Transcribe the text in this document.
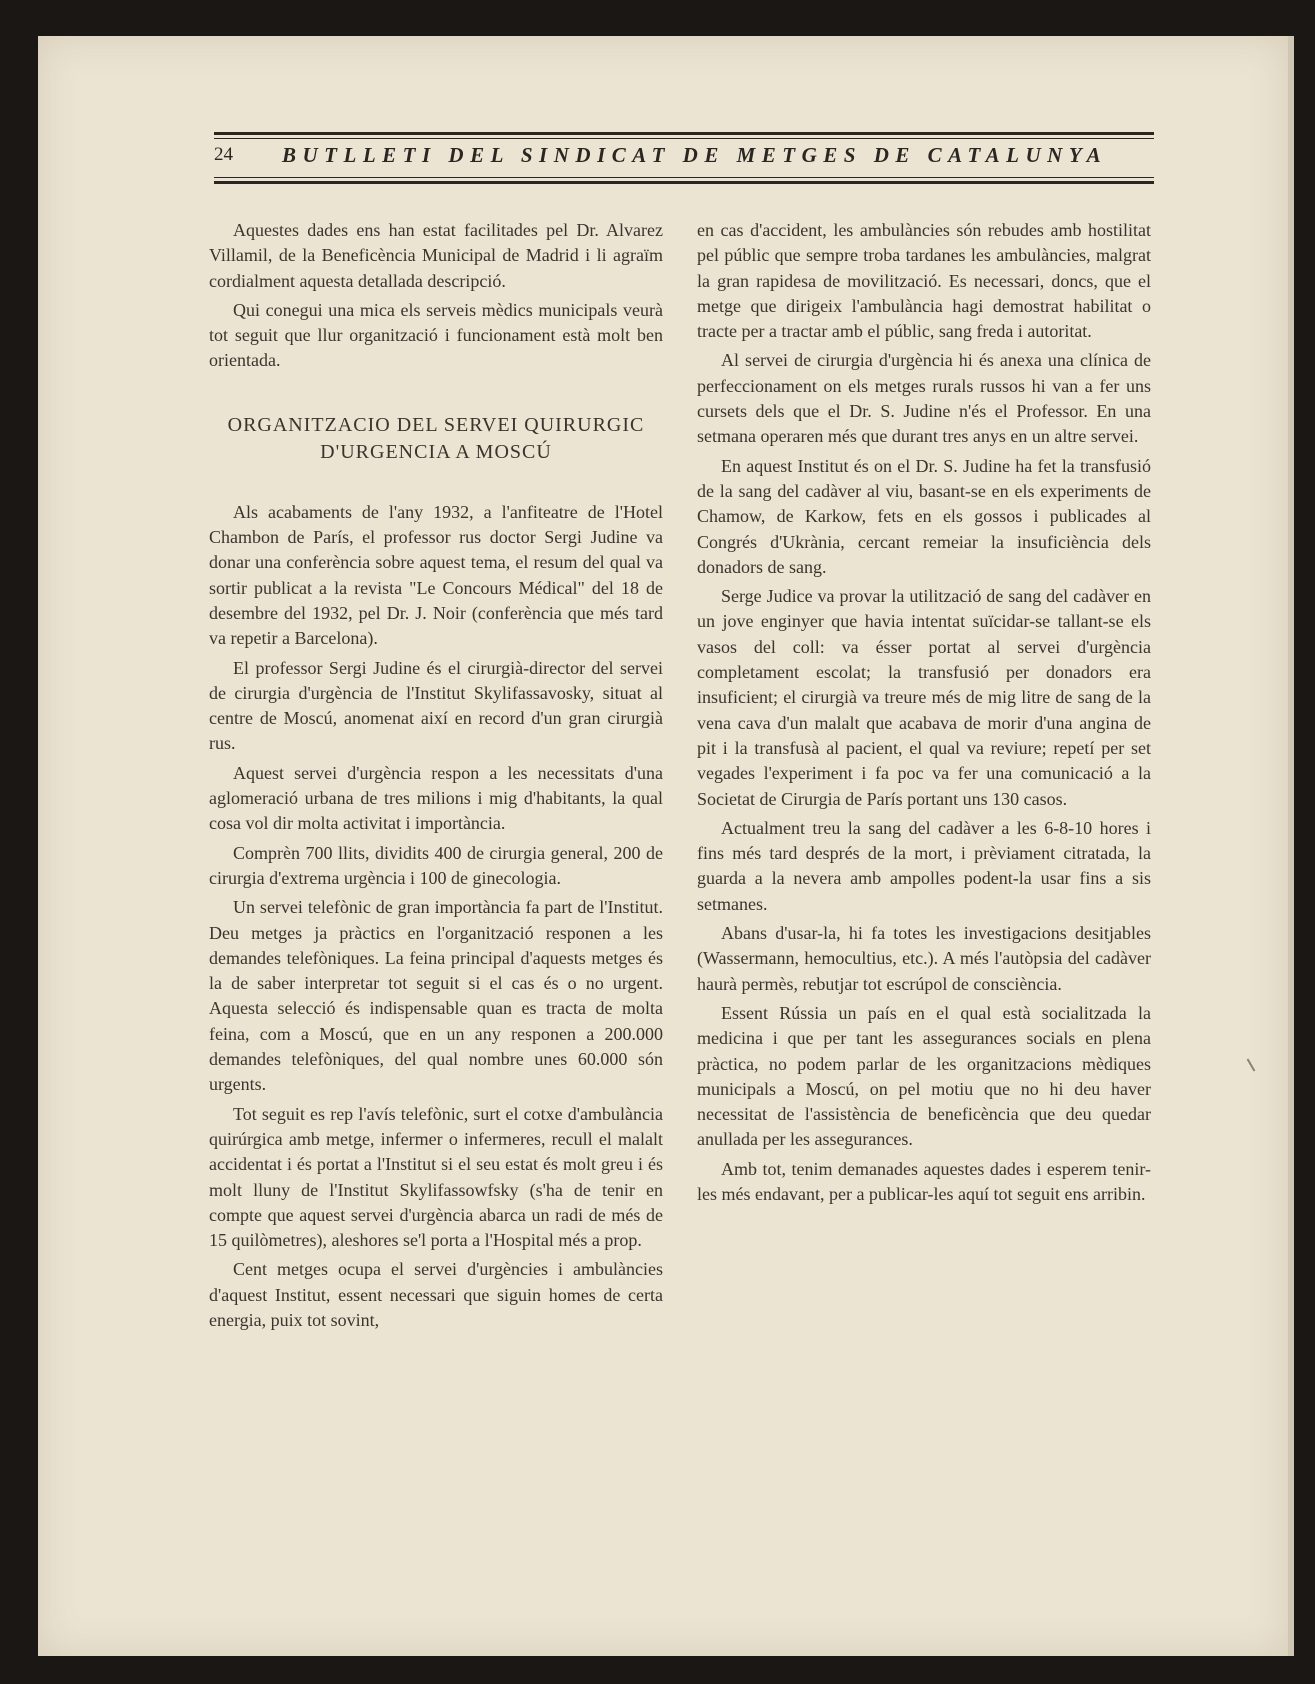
24 BUTLLETI DEL SINDICAT DE METGES DE CATALUNYA

Aquestes dades ens han estat facilitades pel Dr. Alvarez Villamil, de la Beneficència Municipal de Madrid i li agraïm cordialment aquesta detallada descripció.

Qui conegui una mica els serveis mèdics municipals veurà tot seguit que llur organització i funcionament està molt ben orientada.

ORGANITZACIO DEL SERVEI QUIRURGIC D'URGENCIA A MOSCÚ

Als acabaments de l'any 1932, a l'anfiteatre de l'Hotel Chambon de París, el professor rus doctor Sergi Judine va donar una conferència sobre aquest tema, el resum del qual va sortir publicat a la revista "Le Concours Médical" del 18 de desembre del 1932, pel Dr. J. Noir (conferència que més tard va repetir a Barcelona).

El professor Sergi Judine és el cirurgià-director del servei de cirurgia d'urgència de l'Institut Skylifassavosky, situat al centre de Moscú, anomenat així en record d'un gran cirurgià rus.

Aquest servei d'urgència respon a les necessitats d'una aglomeració urbana de tres milions i mig d'habitants, la qual cosa vol dir molta activitat i importància.

Comprèn 700 llits, dividits 400 de cirurgia general, 200 de cirurgia d'extrema urgència i 100 de ginecologia.

Un servei telefònic de gran importància fa part de l'Institut. Deu metges ja pràctics en l'organització responen a les demandes telefòniques. La feina principal d'aquests metges és la de saber interpretar tot seguit si el cas és o no urgent. Aquesta selecció és indispensable quan es tracta de molta feina, com a Moscú, que en un any responen a 200.000 demandes telefòniques, del qual nombre unes 60.000 són urgents.

Tot seguit es rep l'avís telefònic, surt el cotxe d'ambulància quirúrgica amb metge, infermer o infermeres, recull el malalt accidentat i és portat a l'Institut si el seu estat és molt greu i és molt lluny de l'Institut Skylifassowfsky (s'ha de tenir en compte que aquest servei d'urgència abarca un radi de més de 15 quilòmetres), aleshores se'l porta a l'Hospital més a prop.

Cent metges ocupa el servei d'urgències i ambulàncies d'aquest Institut, essent necessari que siguin homes de certa energia, puix tot sovint,

en cas d'accident, les ambulàncies són rebudes amb hostilitat pel públic que sempre troba tardanes les ambulàncies, malgrat la gran rapidesa de movilització. Es necessari, doncs, que el metge que dirigeix l'ambulància hagi demostrat habilitat o tracte per a tractar amb el públic, sang freda i autoritat.

Al servei de cirurgia d'urgència hi és anexa una clínica de perfeccionament on els metges rurals russos hi van a fer uns cursets dels que el Dr. S. Judine n'és el Professor. En una setmana operaren més que durant tres anys en un altre servei.

En aquest Institut és on el Dr. S. Judine ha fet la transfusió de la sang del cadàver al viu, basant-se en els experiments de Chamow, de Karkow, fets en els gossos i publicades al Congrés d'Ukrània, cercant remeiar la insuficiència dels donadors de sang.

Serge Judice va provar la utilització de sang del cadàver en un jove enginyer que havia intentat suïcidar-se tallant-se els vasos del coll: va ésser portat al servei d'urgència completament escolat; la transfusió per donadors era insuficient; el cirurgià va treure més de mig litre de sang de la vena cava d'un malalt que acabava de morir d'una angina de pit i la transfusà al pacient, el qual va reviure; repetí per set vegades l'experiment i fa poc va fer una comunicació a la Societat de Cirurgia de París portant uns 130 casos.

Actualment treu la sang del cadàver a les 6-8-10 hores i fins més tard després de la mort, i prèviament citratada, la guarda a la nevera amb ampolles podent-la usar fins a sis setmanes.

Abans d'usar-la, hi fa totes les investigacions desitjables (Wassermann, hemocultius, etc.). A més l'autòpsia del cadàver haurà permès, rebutjar tot escrúpol de consciència.

Essent Rússia un país en el qual està socialitzada la medicina i que per tant les assegurances socials en plena pràctica, no podem parlar de les organitzacions mèdiques municipals a Moscú, on pel motiu que no hi deu haver necessitat de l'assistència de beneficència que deu quedar anullada per les assegurances.

Amb tot, tenim demanades aquestes dades i esperem tenir-les més endavant, per a publicar-les aquí tot seguit ens arribin.
